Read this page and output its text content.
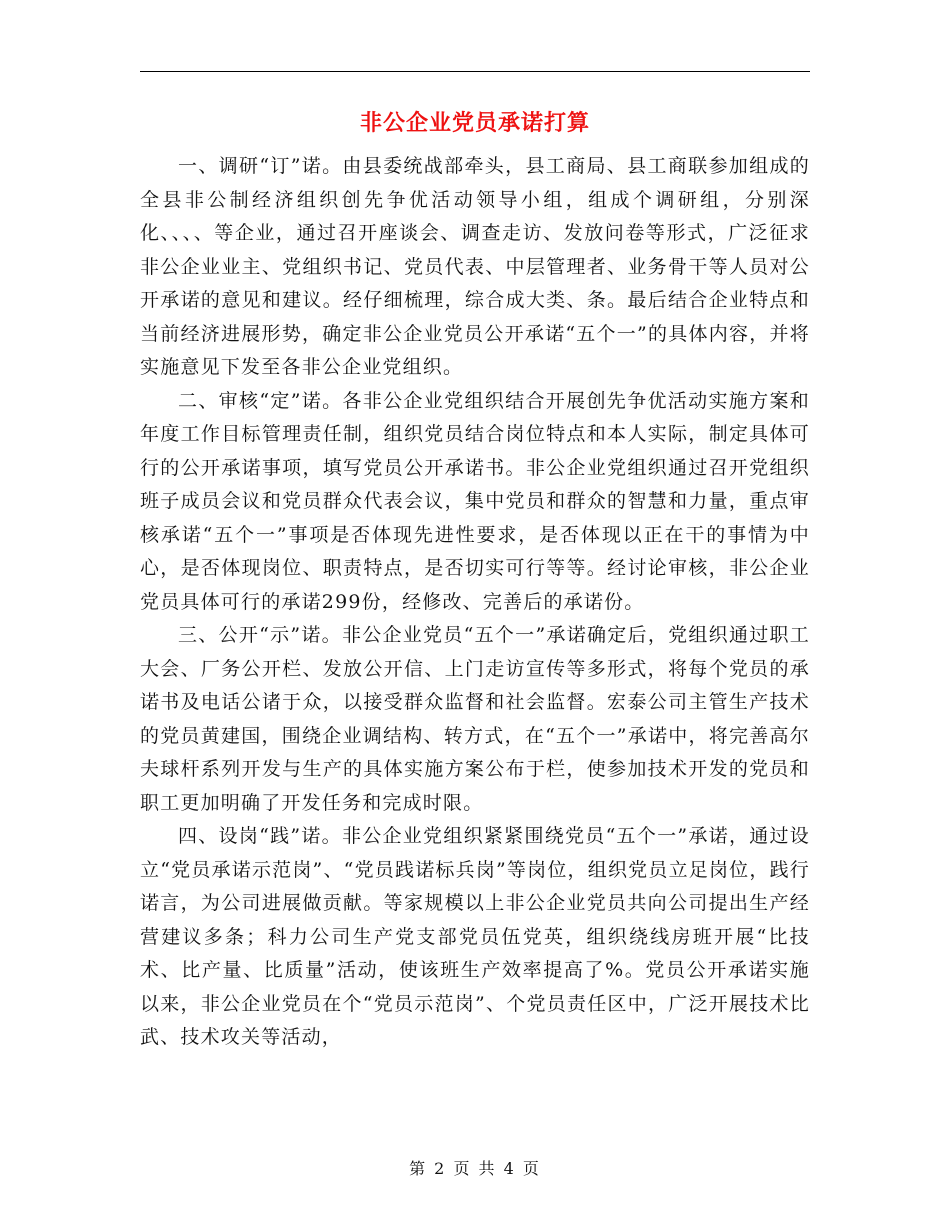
非公企业党员承诺打算

一、调研“订”诺。由县委统战部牵头，县工商局、县工商联参加组成的全县非公制经济组织创先争优活动领导小组，组成个调研组，分别深化、、、、等企业，通过召开座谈会、调查走访、发放问卷等形式，广泛征求非公企业业主、党组织书记、党员代表、中层管理者、业务骨干等人员对公开承诺的意见和建议。经仔细梳理，综合成大类、条。最后结合企业特点和当前经济进展形势，确定非公企业党员公开承诺“五个一”的具体内容，并将实施意见下发至各非公企业党组织。

二、审核“定”诺。各非公企业党组织结合开展创先争优活动实施方案和年度工作目标管理责任制，组织党员结合岗位特点和本人实际，制定具体可行的公开承诺事项，填写党员公开承诺书。非公企业党组织通过召开党组织班子成员会议和党员群众代表会议，集中党员和群众的智慧和力量，重点审核承诺“五个一”事项是否体现先进性要求，是否体现以正在干的事情为中心，是否体现岗位、职责特点，是否切实可行等等。经讨论审核，非公企业党员具体可行的承诺299份，经修改、完善后的承诺份。

三、公开“示”诺。非公企业党员“五个一”承诺确定后，党组织通过职工大会、厂务公开栏、发放公开信、上门走访宣传等多形式，将每个党员的承诺书及电话公诸于众，以接受群众监督和社会监督。宏泰公司主管生产技术的党员黄建国，围绕企业调结构、转方式，在“五个一”承诺中，将完善高尔夫球杆系列开发与生产的具体实施方案公布于栏，使参加技术开发的党员和职工更加明确了开发任务和完成时限。

四、设岗“践”诺。非公企业党组织紧紧围绕党员“五个一”承诺，通过设立“党员承诺示范岗”、“党员践诺标兵岗”等岗位，组织党员立足岗位，践行诺言，为公司进展做贡献。等家规模以上非公企业党员共向公司提出生产经营建议多条；科力公司生产党支部党员伍党英，组织绕线房班开展“比技术、比产量、比质量”活动，使该班生产效率提高了%。党员公开承诺实施以来，非公企业党员在个“党员示范岗”、个党员责任区中，广泛开展技术比武、技术攻关等活动，

第 2 页 共 4 页
